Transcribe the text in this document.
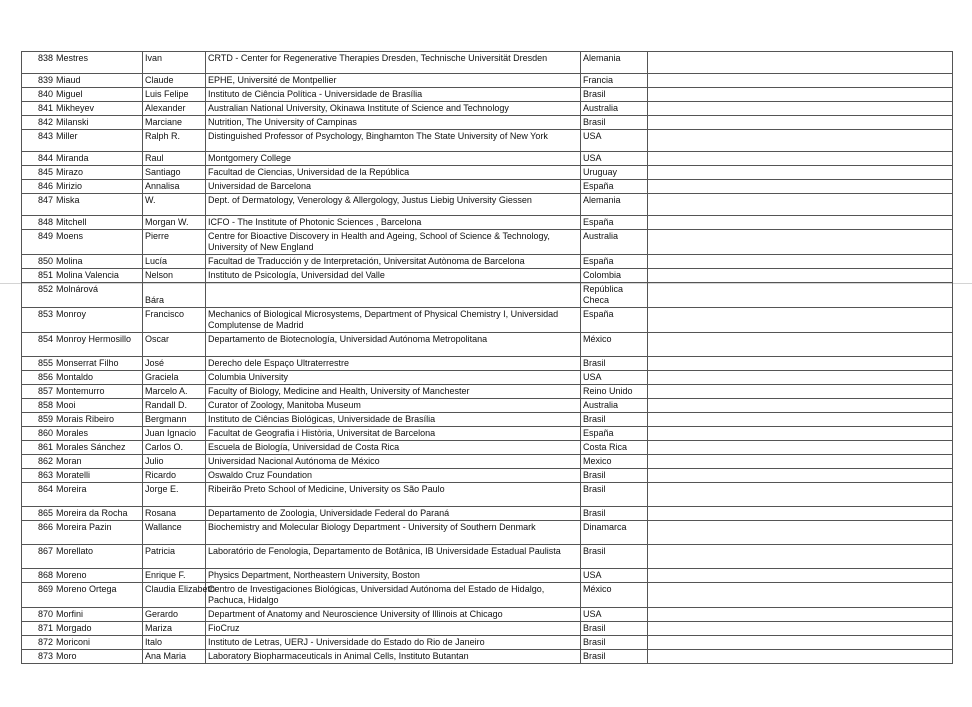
838	Mestres	Ivan	CRTD - Center for Regenerative Therapies Dresden, Technische Universität Dresden	Alemania	
839	Miaud	Claude	EPHE, Université de Montpellier	Francia	
840	Miguel	Luis Felipe	Instituto de Ciência Política - Universidade de Brasília	Brasil	
841	Mikheyev	Alexander	Australian National University, Okinawa Institute of Science and Technology	Australia	
842	Milanski	Marciane	Nutrition, The University of Campinas	Brasil	
843	Miller	Ralph R.	Distinguished Professor of Psychology, Binghamton The State University of New York	USA	
844	Miranda	Raul	Montgomery College	USA	
845	Mirazo	Santiago	Facultad de Ciencias, Universidad de la República	Uruguay	
846	Mirizio	Annalisa	Universidad de Barcelona	España	
847	Miska	W.	Dept. of Dermatology, Venerology & Allergology, Justus Liebig University Giessen	Alemania	
848	Mitchell	Morgan W.	ICFO - The Institute of Photonic Sciences , Barcelona	España	
849	Moens	Pierre	Centre for Bioactive Discovery in Health and Ageing, School of Science & Technology, University of New England	Australia	
850	Molina	Lucía	Facultad de Traducción y de Interpretación, Universitat Autònoma de Barcelona	España	
851	Molina Valencia	Nelson	Instituto de Psicología, Universidad del Valle	Colombia	
852	Molnárová	Bára		República Checa	
853	Monroy	Francisco	Mechanics of Biological Microsystems, Department of Physical Chemistry I, Universidad Complutense de Madrid	España	
854	Monroy Hermosillo	Oscar	Departamento de Biotecnología, Universidad Autónoma Metropolitana	México	
855	Monserrat Filho	José	Derecho dele Espaço Ultraterrestre	Brasil	
856	Montaldo	Graciela	Columbia University	USA	
857	Montemurro	Marcelo A.	Faculty of Biology, Medicine and Health, University of Manchester	Reino Unido	
858	Mooi	Randall D.	Curator of Zoology, Manitoba Museum	Australia	
859	Morais Ribeiro	Bergmann	Instituto de Ciências Biológicas, Universidade de Brasília	Brasil	
860	Morales	Juan Ignacio	Facultat de Geografia i Història, Universitat de Barcelona	España	
861	Morales Sánchez	Carlos O.	Escuela de Biología, Universidad de Costa Rica	Costa Rica	
862	Moran	Julio	Universidad Nacional Autónoma de México	Mexico	
863	Moratelli	Ricardo	Oswaldo Cruz Foundation	Brasil	
864	Moreira	Jorge E.	Ribeirão Preto School of Medicine, University os São Paulo	Brasil	
865	Moreira da Rocha	Rosana	Departamento de Zoologia, Universidade Federal do Paraná	Brasil	
866	Moreira Pazin	Wallance	Biochemistry and Molecular Biology Department - University of Southern Denmark	Dinamarca	
867	Morellato	Patricia	Laboratório de Fenologia, Departamento de Botânica, IB Universidade Estadual Paulista	Brasil	
868	Moreno	Enrique F.	Physics Department, Northeastern University, Boston	USA	
869	Moreno Ortega	Claudia Elizabeth	Centro de Investigaciones Biológicas, Universidad Autónoma del Estado de Hidalgo, Pachuca, Hidalgo	México	
870	Morfini	Gerardo	Department of Anatomy and Neuroscience University of Illinois at Chicago	USA	
871	Morgado	Mariza	FioCruz	Brasil	
872	Moriconi	Italo	Instituto de Letras, UERJ - Universidade do Estado do Rio de Janeiro	Brasil	
873	Moro	Ana Maria	Laboratory Biopharmaceuticals in Animal Cells, Instituto Butantan	Brasil	
